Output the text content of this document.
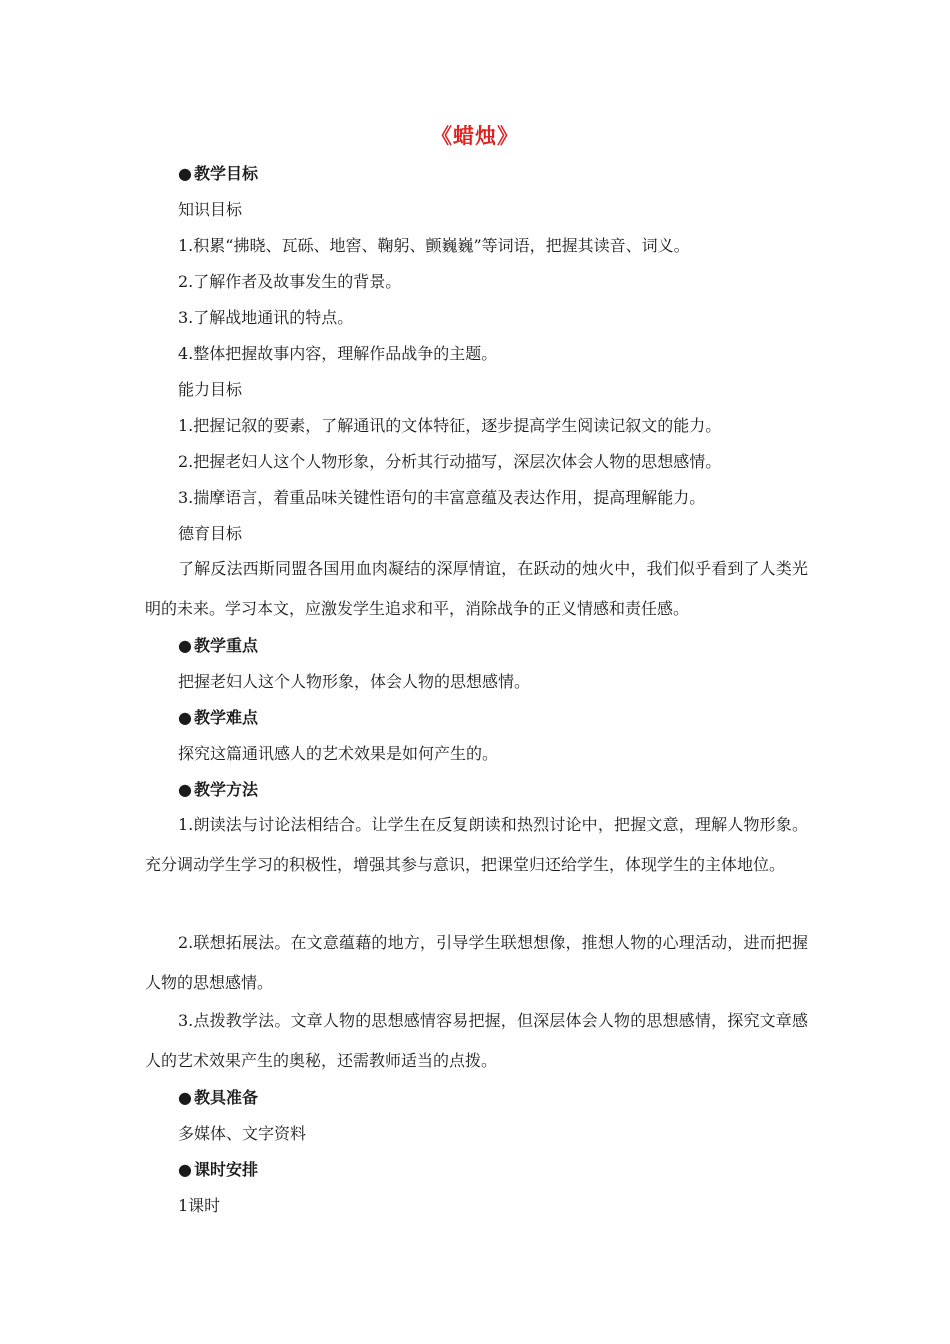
《蜡烛》
● 教学目标
知识目标
1.积累“拂晓、瓦砾、地窖、鞠躬、颤巍巍”等词语，把握其读音、词义。
2.了解作者及故事发生的背景。
3.了解战地通讯的特点。
4.整体把握故事内容，理解作品战争的主题。
能力目标
1.把握记叙的要素，了解通讯的文体特征，逐步提高学生阅读记叙文的能力。
2.把握老妇人这个人物形象，分析其行动描写，深层次体会人物的思想感情。
3.揣摩语言，着重品味关键性语句的丰富意蕴及表达作用，提高理解能力。
德育目标
了解反法西斯同盟各国用血肉凝结的深厚情谊，在跃动的烛火中，我们似乎看到了人类光明的未来。学习本文，应激发学生追求和平，消除战争的正义情感和责任感。
● 教学重点
把握老妇人这个人物形象，体会人物的思想感情。
● 教学难点
探究这篇通讯感人的艺术效果是如何产生的。
● 教学方法
1.朗读法与讨论法相结合。让学生在反复朗读和热烈讨论中，把握文意，理解人物形象。充分调动学生学习的积极性，增强其参与意识，把课堂归还给学生，体现学生的主体地位。
2.联想拓展法。在文意蕴藉的地方，引导学生联想想像，推想人物的心理活动，进而把握人物的思想感情。
3.点拨教学法。文章人物的思想感情容易把握，但深层体会人物的思想感情，探究文章感人的艺术效果产生的奥秘，还需教师适当的点拨。
● 教具准备
多媒体、文字资料
● 课时安排
1课时
